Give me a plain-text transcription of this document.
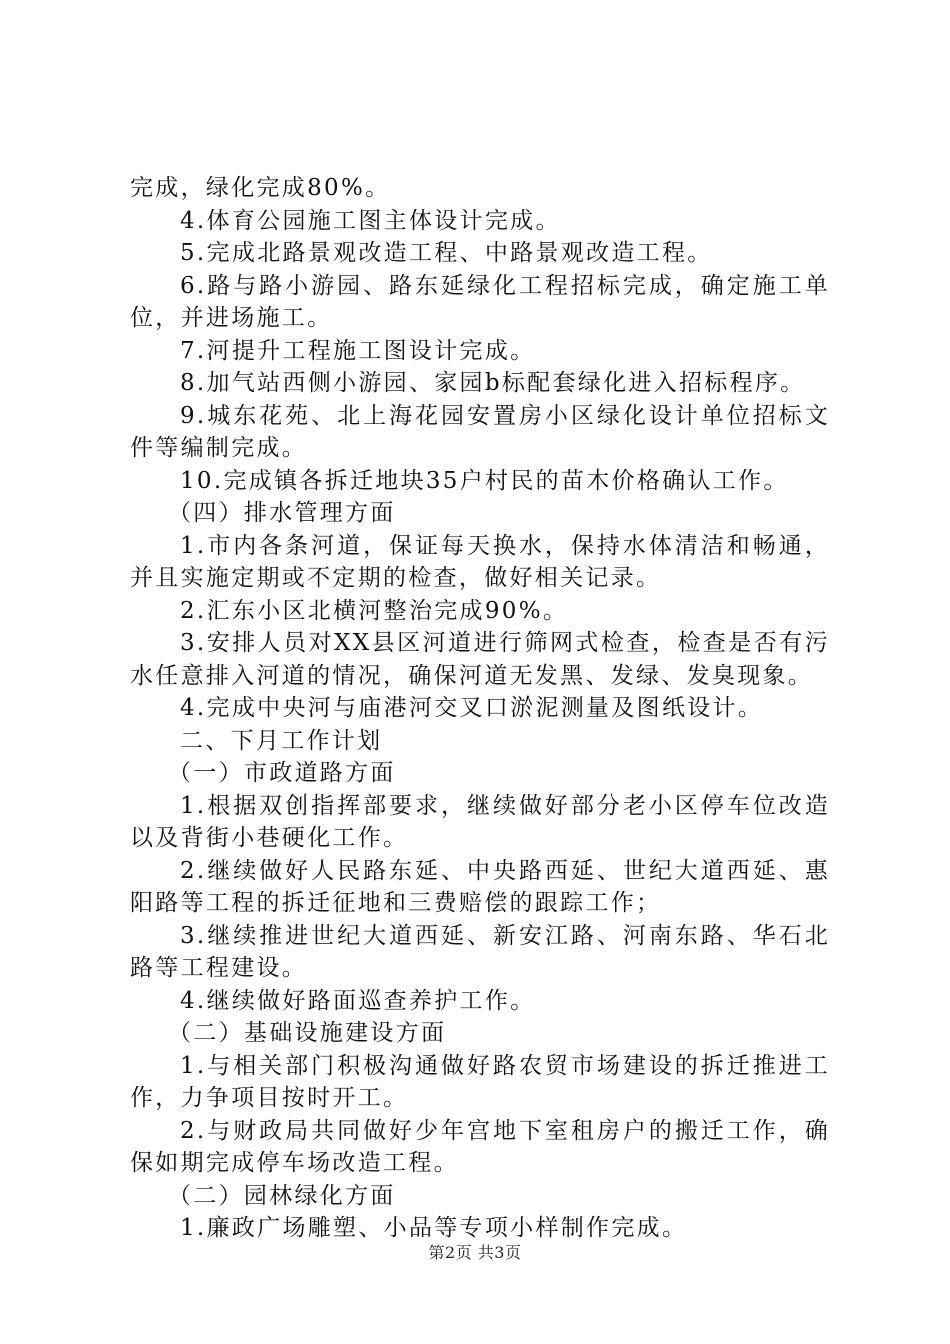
完成，绿化完成80%。

4.体育公园施工图主体设计完成。

5.完成北路景观改造工程、中路景观改造工程。

6.路与路小游园、路东延绿化工程招标完成，确定施工单位，并进场施工。

7.河提升工程施工图设计完成。

8.加气站西侧小游园、家园b标配套绿化进入招标程序。

9.城东花苑、北上海花园安置房小区绿化设计单位招标文件等编制完成。

10.完成镇各拆迁地块35户村民的苗木价格确认工作。

（四）排水管理方面

1.市内各条河道，保证每天换水，保持水体清洁和畅通，并且实施定期或不定期的检查，做好相关记录。

2.汇东小区北横河整治完成90%。

3.安排人员对XX县区河道进行筛网式检查，检查是否有污水任意排入河道的情况，确保河道无发黑、发绿、发臭现象。

4.完成中央河与庙港河交叉口淤泥测量及图纸设计。

二、下月工作计划

（一）市政道路方面

1.根据双创指挥部要求，继续做好部分老小区停车位改造以及背街小巷硬化工作。

2.继续做好人民路东延、中央路西延、世纪大道西延、惠阳路等工程的拆迁征地和三费赔偿的跟踪工作；

3.继续推进世纪大道西延、新安江路、河南东路、华石北路等工程建设。

4.继续做好路面巡查养护工作。

（二）基础设施建设方面

1.与相关部门积极沟通做好路农贸市场建设的拆迁推进工作，力争项目按时开工。

2.与财政局共同做好少年宫地下室租房户的搬迁工作，确保如期完成停车场改造工程。

（二）园林绿化方面

1.廉政广场雕塑、小品等专项小样制作完成。

第2页 共3页
